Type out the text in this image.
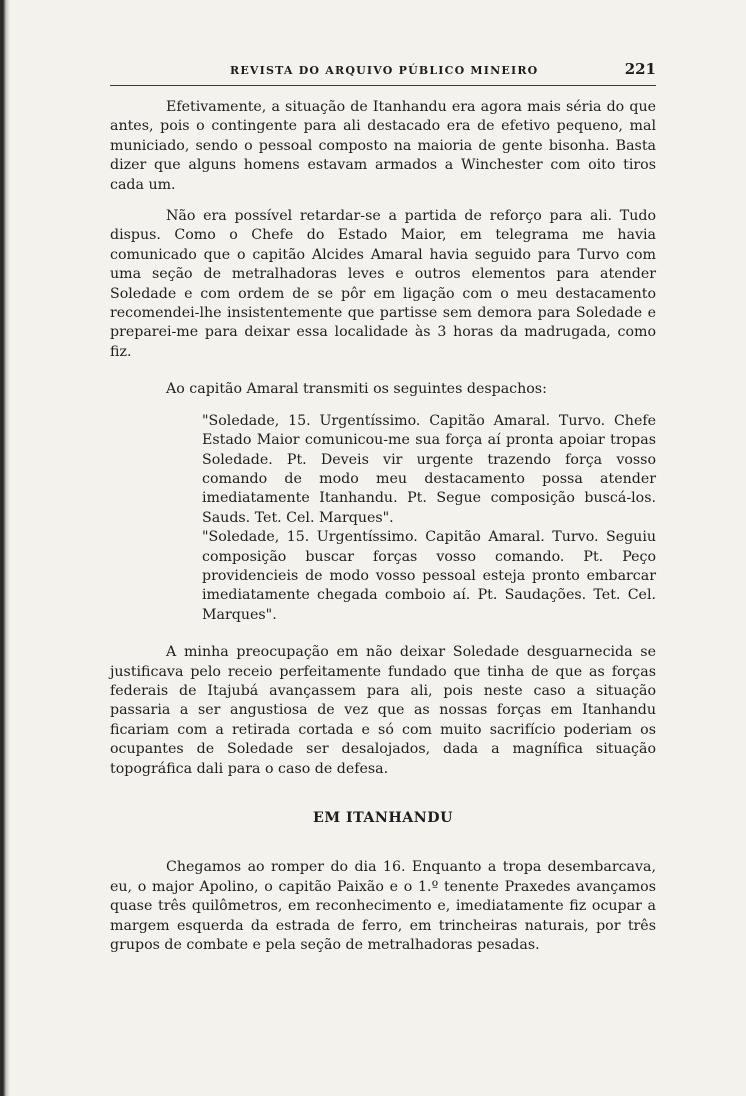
REVISTA DO ARQUIVO PÚBLICO MINEIRO	221

Efetivamente, a situação de Itanhandu era agora mais séria do que antes, pois o contingente para ali destacado era de efetivo pequeno, mal municiado, sendo o pessoal composto na maioria de gente bisonha. Basta dizer que alguns homens estavam armados a Winchester com oito tiros cada um.

Não era possível retardar-se a partida de reforço para ali. Tudo dispus. Como o Chefe do Estado Maior, em telegrama me havia comunicado que o capitão Alcides Amaral havia seguido para Turvo com uma seção de metralhadoras leves e outros elementos para atender Soledade e com ordem de se pôr em ligação com o meu destacamento recomendei-lhe insistentemente que partisse sem demora para Soledade e preparei-me para deixar essa localidade às 3 horas da madrugada, como fiz.

Ao capitão Amaral transmiti os seguintes despachos:

"Soledade, 15. Urgentíssimo. Capitão Amaral. Turvo. Chefe Estado Maior comunicou-me sua força aí pronta apoiar tropas Soledade. Pt. Deveis vir urgente trazendo força vosso comando de modo meu destacamento possa atender imediatamente Itanhandu. Pt. Segue composição buscá-los. Sauds. Tet. Cel. Marques".

"Soledade, 15. Urgentíssimo. Capitão Amaral. Turvo. Seguiu composição buscar forças vosso comando. Pt. Peço providencieis de modo vosso pessoal esteja pronto embarcar imediatamente chegada comboio aí. Pt. Saudações. Tet. Cel. Marques".

A minha preocupação em não deixar Soledade desguarnecida se justificava pelo receio perfeitamente fundado que tinha de que as forças federais de Itajubá avançassem para ali, pois neste caso a situação passaria a ser angustiosa de vez que as nossas forças em Itanhandu ficariam com a retirada cortada e só com muito sacrifício poderiam os ocupantes de Soledade ser desalojados, dada a magnífica situação topográfica dali para o caso de defesa.

EM ITANHANDU

Chegamos ao romper do dia 16. Enquanto a tropa desembarcava, eu, o major Apolino, o capitão Paixão e o 1.º tenente Praxedes avançamos quase três quilômetros, em reconhecimento e, imediatamente fiz ocupar a margem esquerda da estrada de ferro, em trincheiras naturais, por três grupos de combate e pela seção de metralhadoras pesadas.
